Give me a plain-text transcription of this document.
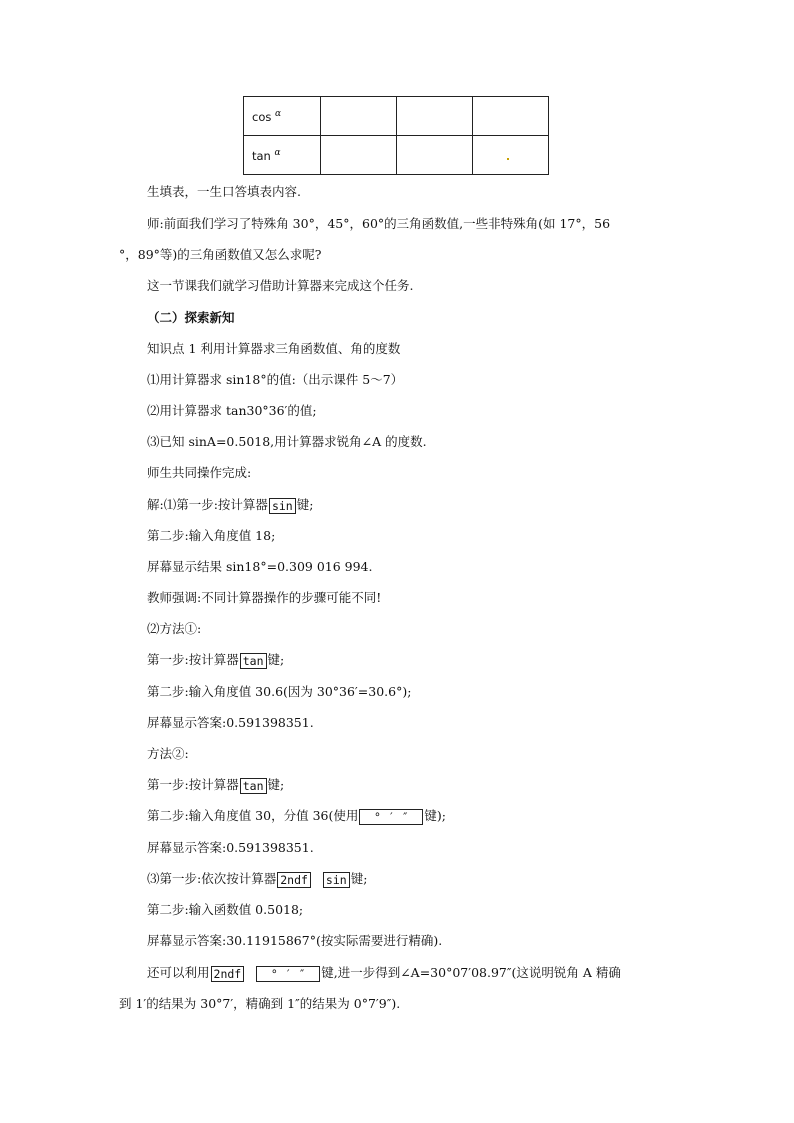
cos $^\alpha$			
tan $^\alpha$			
生填表，一生口答填表内容.
师:前面我们学习了特殊角 30°，45°，60°的三角函数值,一些非特殊角(如 17°，56
°，89°等)的三角函数值又怎么求呢?
这一节课我们就学习借助计算器来完成这个任务.
（二）探索新知
知识点 1 利用计算器求三角函数值、角的度数
⑴用计算器求 sin18°的值:（出示课件 5～7）
⑵用计算器求 tan30°36′的值;
⑶已知 sinA=0.5018,用计算器求锐角∠A 的度数.
师生共同操作完成:
解:⑴第一步:按计算器 sin 键;
第二步:输入角度值 18;
屏幕显示结果 sin18°=0.309 016 994.
教师强调:不同计算器操作的步骤可能不同!
⑵方法①:
第一步:按计算器 tan 键;
第二步:输入角度值 30.6(因为 30°36′=30.6°);
屏幕显示答案:0.591398351.
方法②:
第一步:按计算器 tan 键;
第二步:输入角度值 30，分值 36(使用 ° ′ ″ 键);
屏幕显示答案:0.591398351.
⑶第一步:依次按计算器 2ndf sin 键;
第二步:输入函数值 0.5018;
屏幕显示答案:30.11915867°(按实际需要进行精确).
还可以利用 2ndf	° ′ ″ 键,进一步得到∠A=30°07′08.97″(这说明锐角 A 精确
到 1′的结果为 30°7′，精确到 1″的结果为 0°7′9″).
